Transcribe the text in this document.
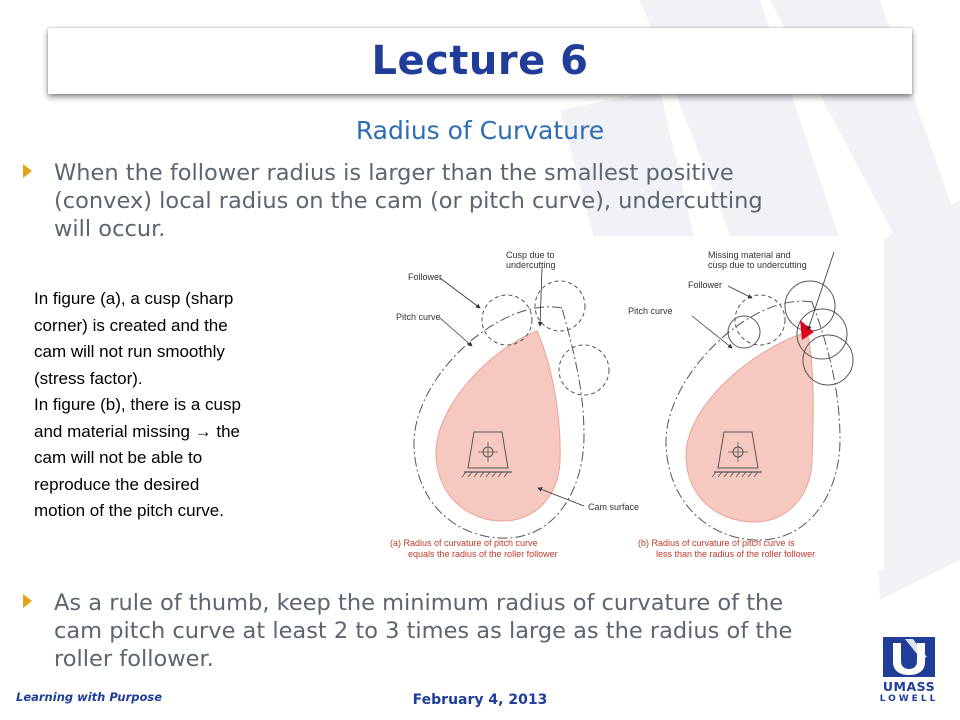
Lecture 6
Radius of Curvature
When the follower radius is larger than the smallest positive
(convex) local radius on the cam (or pitch curve), undercutting
will occur.

In figure (a), a cusp (sharp

corner) is created and the

cam will not run smoothly

(stress factor).

In figure (b), there is a cusp

and material missing → the

cam will not be able to

reproduce the desired

motion of the pitch curve.

Follower
Pitch curve
Cusp due to
undercutting
(a) Radius of curvature of pitch curve
equals the radius of the roller follower
Missing material and
cusp due to undercutting
Follower
Pitch curve
Cam surface
(b) Radius of curvature of pitch curve is
less than the radius of the roller follower
As a rule of thumb, keep the minimum radius of curvature of the
cam pitch curve at least 2 to 3 times as large as the radius of the
roller follower.
Learning with Purpose	February 4, 2013
UMASS
LOWELL
